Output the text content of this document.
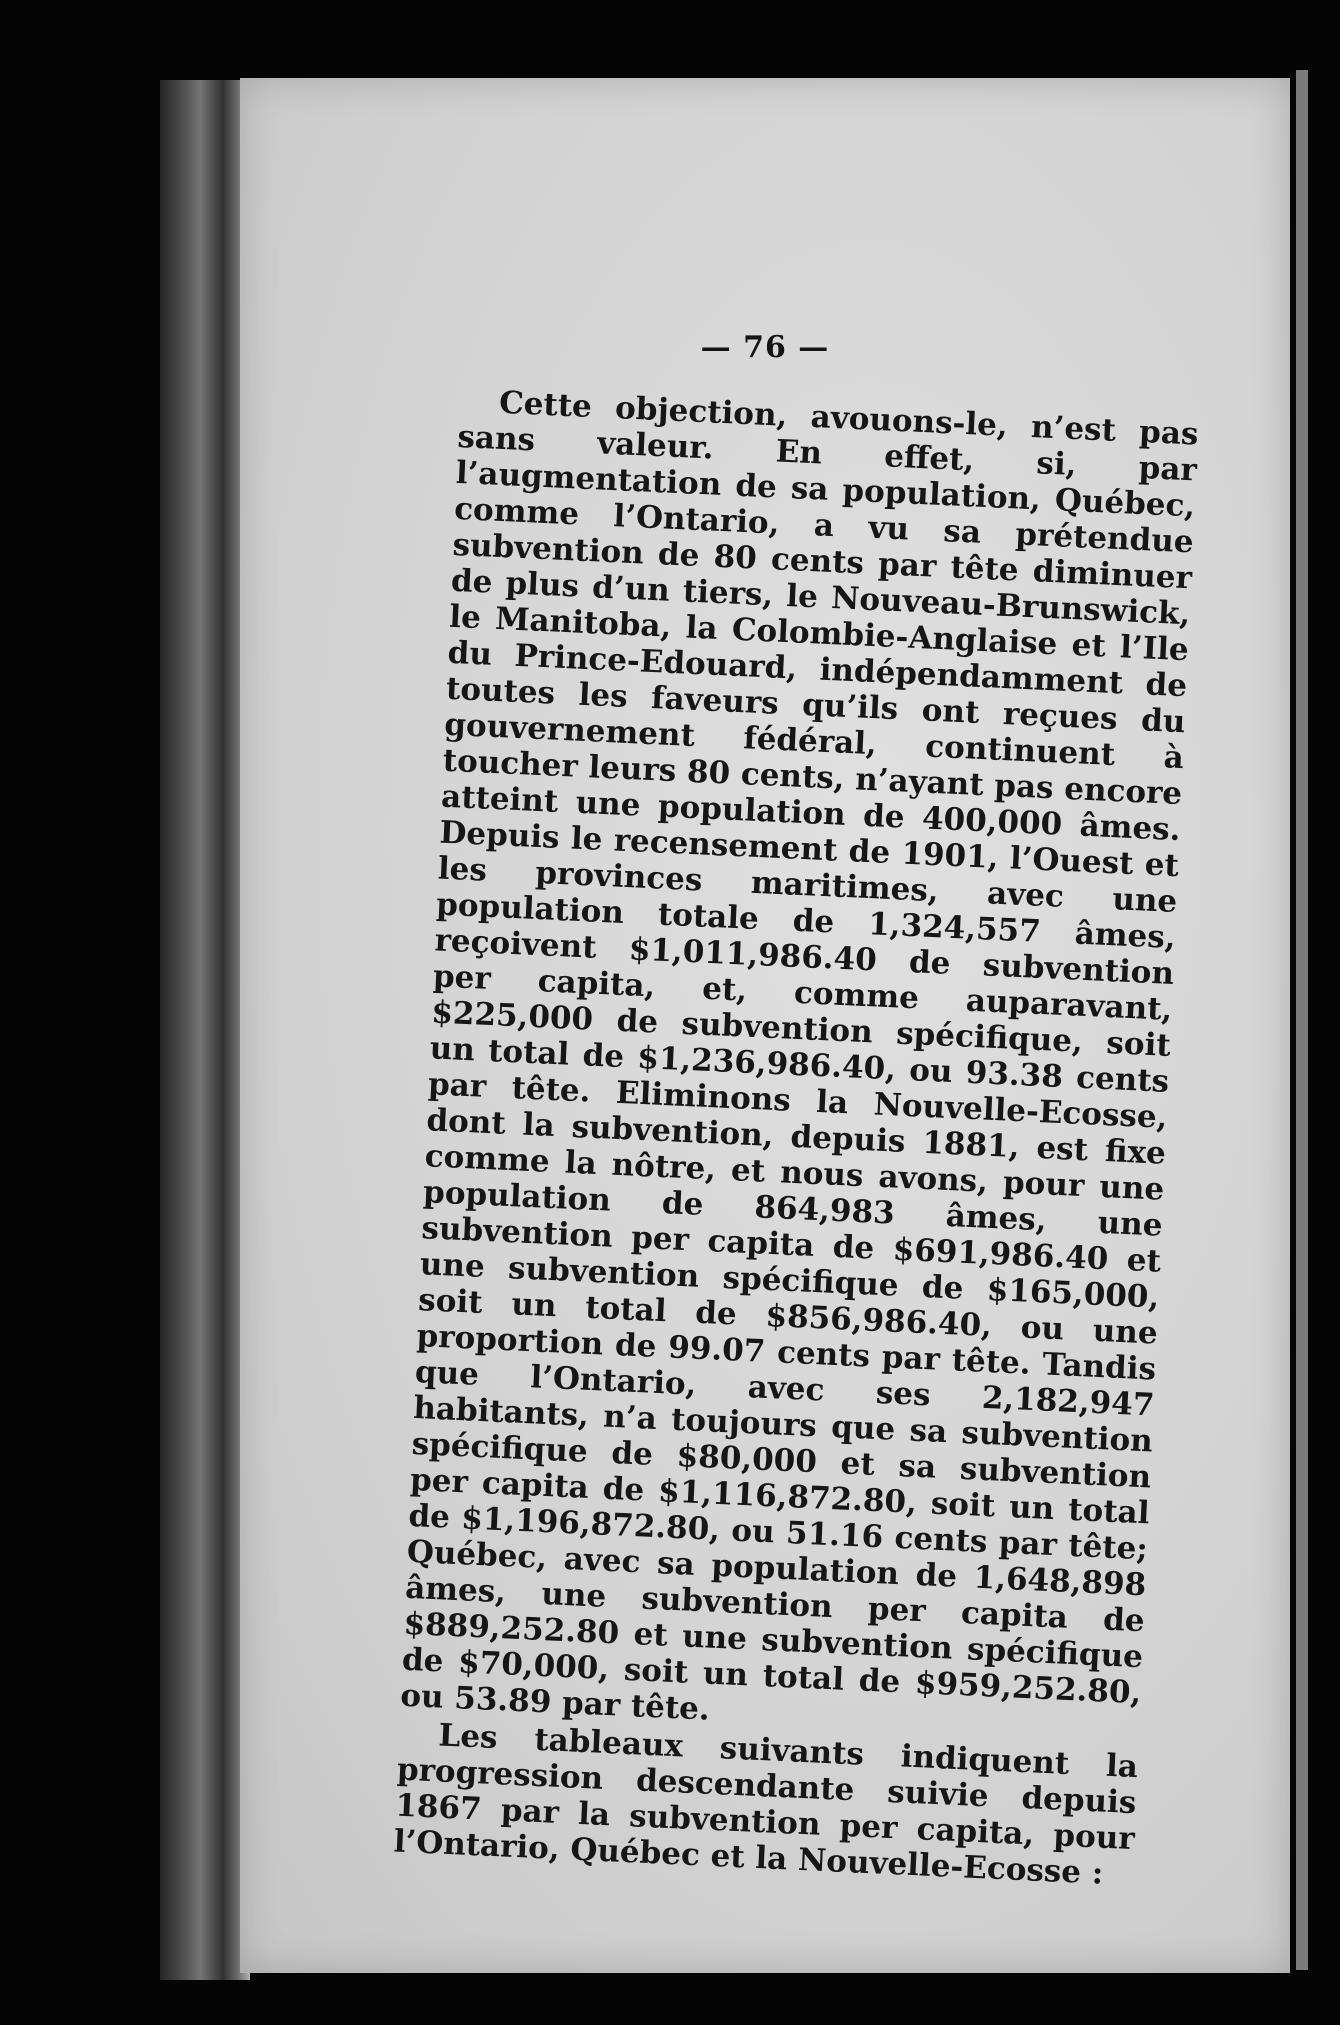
— 76 —

Cette objection, avouons-le, n’est pas sans valeur. En effet, si, par l’augmentation de sa population, Québec, comme l’Ontario, a vu sa prétendue subvention de 80 cents par tête diminuer de plus d’un tiers, le Nouveau-Brunswick, le Manitoba, la Colombie-Anglaise et l’Ile du Prince-Edouard, indépendamment de toutes les faveurs qu’ils ont reçues du gouvernement fédéral, continuent à toucher leurs 80 cents, n’ayant pas encore atteint une population de 400,000 âmes. Depuis le recensement de 1901, l’Ouest et les provinces maritimes, avec une population totale de 1,324,557 âmes, reçoivent $1,011,986.40 de subvention per capita, et, comme auparavant, $225,000 de subvention spécifique, soit un total de $1,236,986.40, ou 93.38 cents par tête. Eliminons la Nouvelle-Ecosse, dont la subvention, depuis 1881, est fixe comme la nôtre, et nous avons, pour une population de 864,983 âmes, une subvention per capita de $691,986.40 et une subvention spécifique de $165,000, soit un total de $856,986.40, ou une proportion de 99.07 cents par tête. Tandis que l’Ontario, avec ses 2,182,947 habitants, n’a toujours que sa subvention spécifique de $80,000 et sa subvention per capita de $1,116,872.80, soit un total de $1,196,872.80, ou 51.16 cents par tête; Québec, avec sa population de 1,648,898 âmes, une subvention per capita de $889,252.80 et une subvention spécifique de $70,000, soit un total de $959,252.80, ou 53.89 par tête.

Les tableaux suivants indiquent la progression descendante suivie depuis 1867 par la subvention per capita, pour l’Ontario, Québec et la Nouvelle-Ecosse :
